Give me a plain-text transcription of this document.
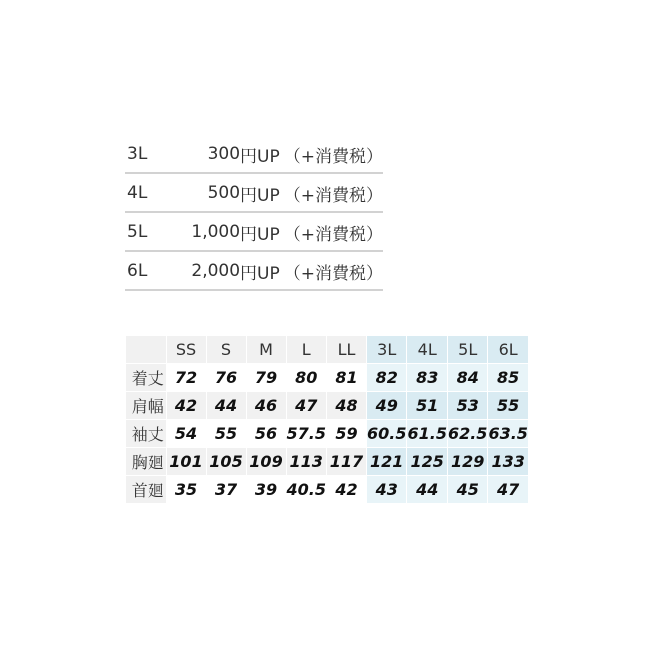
3L	300 円UP （+消費税）
4L	500 円UP （+消費税）
5L	1,000 円UP （+消費税）
6L	2,000 円UP （+消費税）
	SS	S	M	L	LL	3L	4L	5L	6L
着丈	72	76	79	80	81	82	83	84	85
肩幅	42	44	46	47	48	49	51	53	55
袖丈	54	55	56	57.5	59	60.5	61.5	62.5	63.5
胸廻	101	105	109	113	117	121	125	129	133
首廻	35	37	39	40.5	42	43	44	45	47
